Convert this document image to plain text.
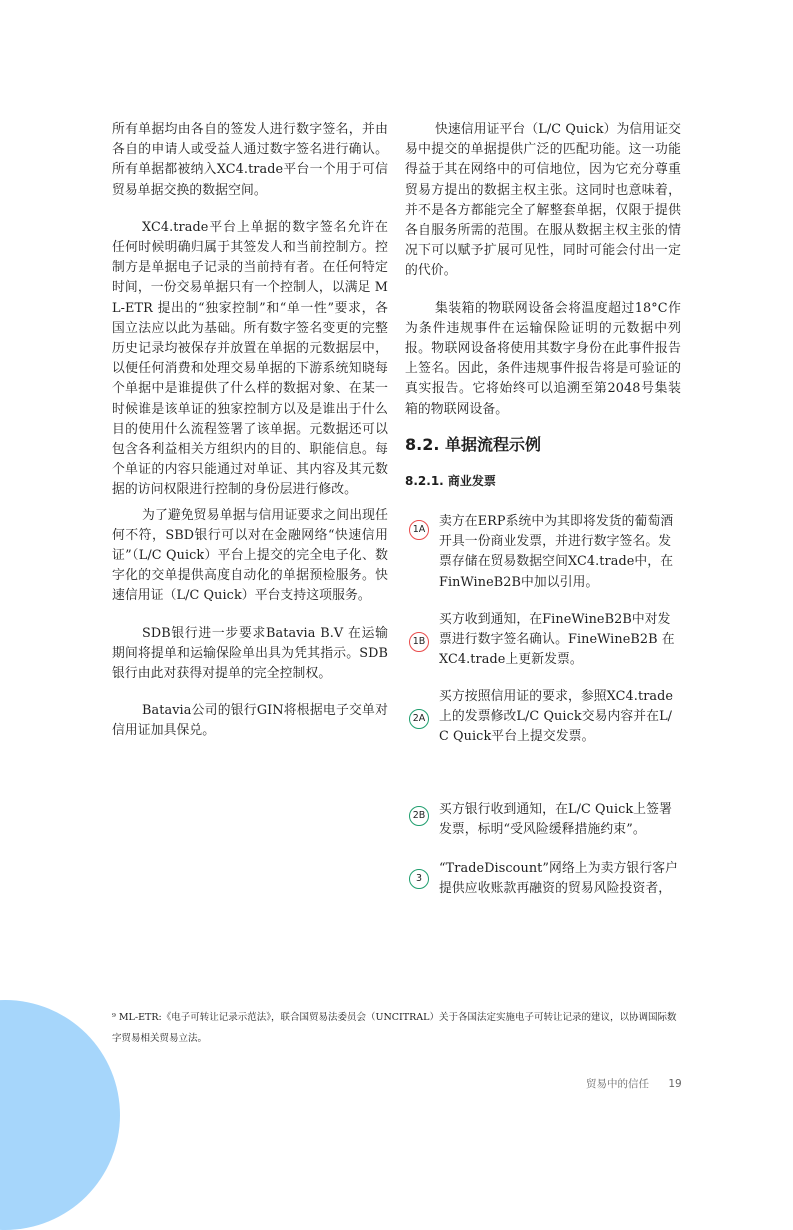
所有单据均由各自的签发人进行数字签名，并由各自的申请人或受益人通过数字签名进行确认。所有单据都被纳入XC4.trade平台一个用于可信贸易单据交换的数据空间。

XC4.trade平台上单据的数字签名允许在任何时候明确归属于其签发人和当前控制方。控制方是单据电子记录的当前持有者。在任何特定时间，一份交易单据只有一个控制人，以满足 ML-ETR 提出的“独家控制”和“单一性”要求，各国立法应以此为基础。所有数字签名变更的完整历史记录均被保存并放置在单据的元数据层中，以便任何消费和处理交易单据的下游系统知晓每个单据中是谁提供了什么样的数据对象、在某一时候谁是该单证的独家控制方以及是谁出于什么目的使用什么流程签署了该单据。元数据还可以包含各利益相关方组织内的目的、职能信息。每个单证的内容只能通过对单证、其内容及其元数据的访问权限进行控制的身份层进行修改。

为了避免贸易单据与信用证要求之间出现任何不符，SBD银行可以对在金融网络“快速信用证”（L/C Quick）平台上提交的完全电子化、数字化的交单提供高度自动化的单据预检服务。快速信用证（L/C Quick）平台支持这项服务。

SDB银行进一步要求Batavia B.V 在运输期间将提单和运输保险单出具为凭其指示。SDB银行由此对获得对提单的完全控制权。

Batavia公司的银行GIN将根据电子交单对信用证加具保兑。

快速信用证平台（L/C Quick）为信用证交易中提交的单据提供广泛的匹配功能。这一功能得益于其在网络中的可信地位，因为它充分尊重贸易方提出的数据主权主张。这同时也意味着，并不是各方都能完全了解整套单据，仅限于提供各自服务所需的范围。在服从数据主权主张的情况下可以赋予扩展可见性，同时可能会付出一定的代价。

集装箱的物联网设备会将温度超过18°C作为条件违规事件在运输保险证明的元数据中列报。物联网设备将使用其数字身份在此事件报告上签名。因此，条件违规事件报告将是可验证的真实报告。它将始终可以追溯至第2048号集装箱的物联网设备。

8.2. 单据流程示例

8.2.1. 商业发票

1A

卖方在ERP系统中为其即将发货的葡萄酒开具一份商业发票，并进行数字签名。发票存储在贸易数据空间XC4.trade中，在FinWineB2B中加以引用。

1B

买方收到通知，在FineWineB2B中对发票进行数字签名确认。FineWineB2B 在XC4.trade上更新发票。

2A

买方按照信用证的要求，参照XC4.trade上的发票修改L/C Quick交易内容并在L/C Quick平台上提交发票。

2B 买方银行收到通知，在L/C Quick上签署发票，标明“受风险缓释措施约束”。

3

“TradeDiscount”网络上为卖方银行客户提供应收账款再融资的贸易风险投资者，

⁹ ML-ETR:《电子可转让记录示范法》，联合国贸易法委员会（UNCITRAL）关于各国法定实施电子可转让记录的建议，以协调国际数字贸易相关贸易立法。

贸易中的信任 19
